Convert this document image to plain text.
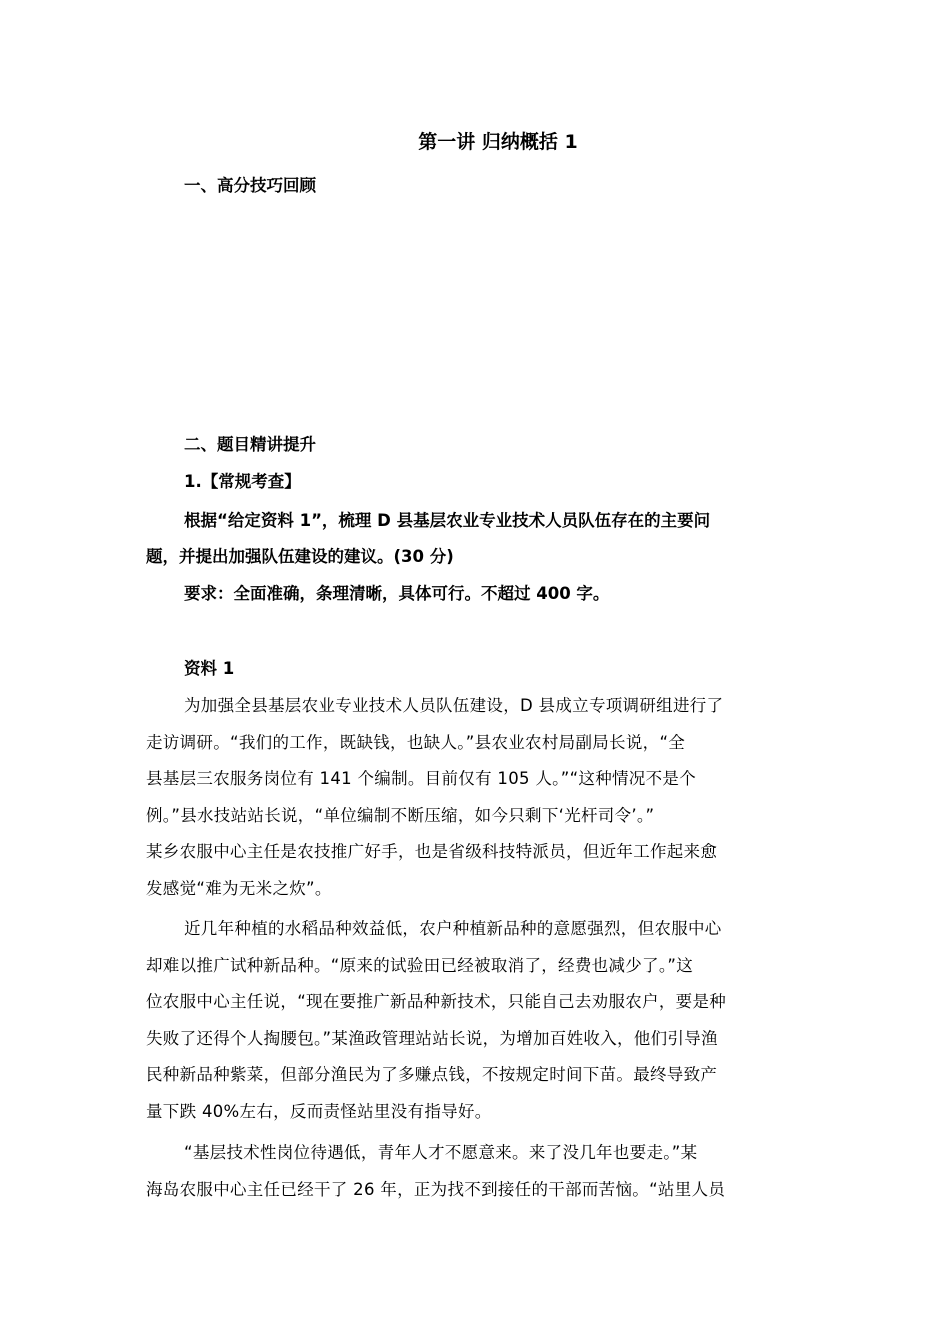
第一讲 归纳概括 1
一、高分技巧回顾
二、题目精讲提升
1.【常规考查】
根据“给定资料 1”，梳理 D 县基层农业专业技术人员队伍存在的主要问
题，并提出加强队伍建设的建议。(30 分)
要求：全面准确，条理清晰，具体可行。不超过 400 字。
资料 1
为加强全县基层农业专业技术人员队伍建设，D 县成立专项调研组进行了
走访调研。“我们的工作，既缺钱，也缺人。”县农业农村局副局长说，“全
县基层三农服务岗位有 141 个编制。目前仅有 105 人。”“这种情况不是个
例。”县水技站站长说，“单位编制不断压缩，如今只剩下‘光杆司令’。”
某乡农服中心主任是农技推广好手，也是省级科技特派员，但近年工作起来愈
发感觉“难为无米之炊”。
近几年种植的水稻品种效益低，农户种植新品种的意愿强烈，但农服中心
却难以推广试种新品种。“原来的试验田已经被取消了，经费也减少了。”这
位农服中心主任说，“现在要推广新品种新技术，只能自己去劝服农户，要是种
失败了还得个人掏腰包。”某渔政管理站站长说，为增加百姓收入，他们引导渔
民种新品种紫菜，但部分渔民为了多赚点钱，不按规定时间下苗。最终导致产
量下跌 40%左右，反而责怪站里没有指导好。
“基层技术性岗位待遇低，青年人才不愿意来。来了没几年也要走。”某
海岛农服中心主任已经干了 26 年，正为找不到接任的干部而苦恼。“站里人员
